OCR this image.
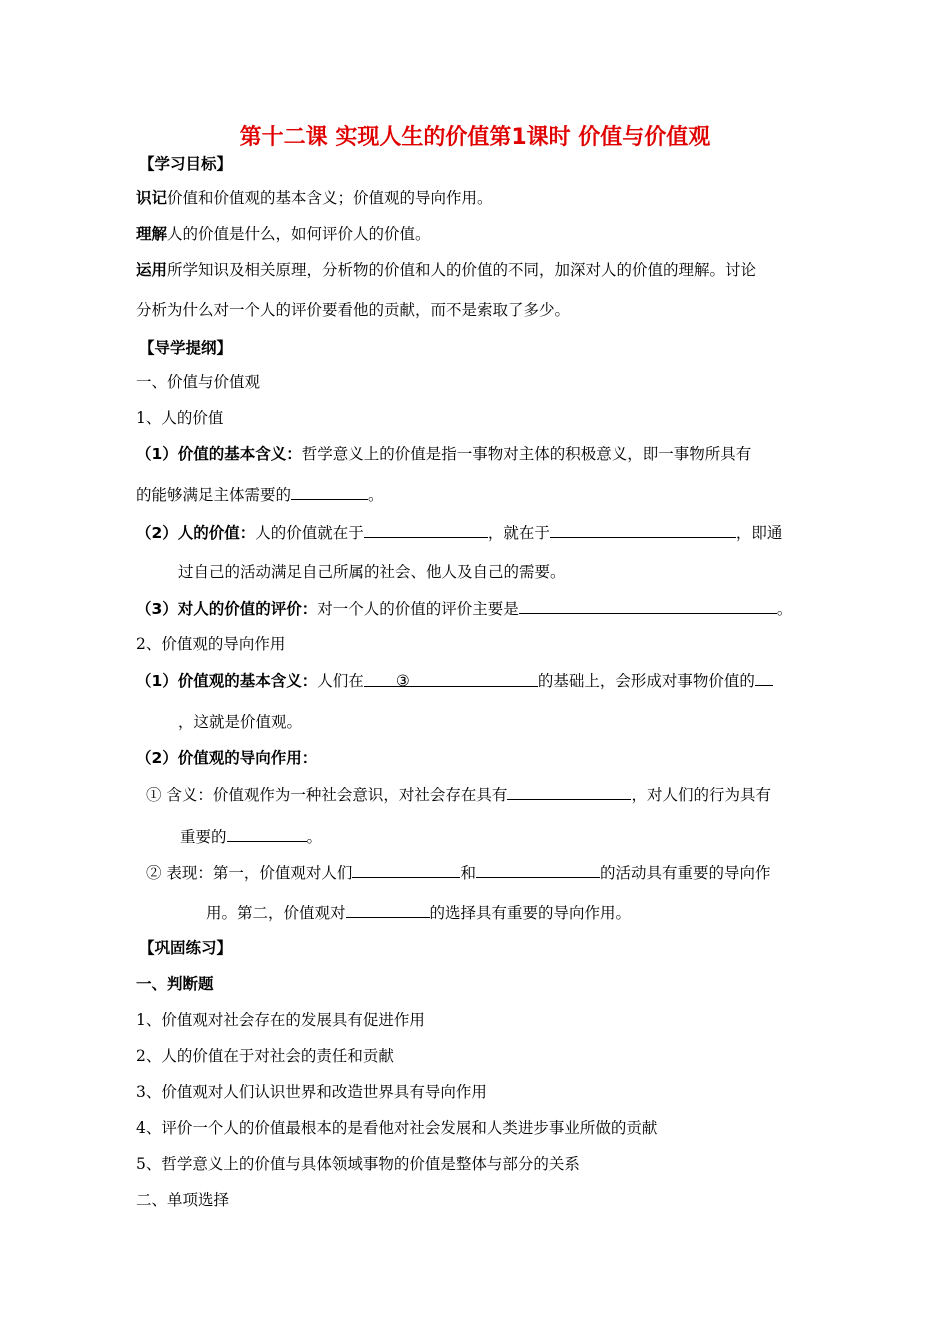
第十二课 实现人生的价值第1课时 价值与价值观
【学习目标】
识记价值和价值观的基本含义；价值观的导向作用。
理解人的价值是什么，如何评价人的价值。
运用所学知识及相关原理，分析物的价值和人的价值的不同，加深对人的价值的理解。讨论
分析为什么对一个人的评价要看他的贡献，而不是索取了多少。
【导学提纲】
一、价值与价值观
1、人的价值
（1）价值的基本含义：哲学意义上的价值是指一事物对主体的积极意义，即一事物所具有
的能够满足主体需要的	。
（2）人的价值：人的价值就在于	，就在于	，即通
过自己的活动满足自己所属的社会、他人及自己的需要。
（3）对人的价值的评价：对一个人的价值的评价主要是	。
2、价值观的导向作用
（1）价值观的基本含义：人们在 ③	的基础上，会形成对事物价值的
，这就是价值观。
（2）价值观的导向作用：
① 含义：价值观作为一种社会意识，对社会存在具有	，对人们的行为具有
重要的	。
② 表现：第一，价值观对人们	和	的活动具有重要的导向作
用。第二，价值观对	的选择具有重要的导向作用。
【巩固练习】
一、判断题
1、价值观对社会存在的发展具有促进作用
2、人的价值在于对社会的责任和贡献
3、价值观对人们认识世界和改造世界具有导向作用
4、评价一个人的价值最根本的是看他对社会发展和人类进步事业所做的贡献
5、哲学意义上的价值与具体领域事物的价值是整体与部分的关系
二、单项选择
